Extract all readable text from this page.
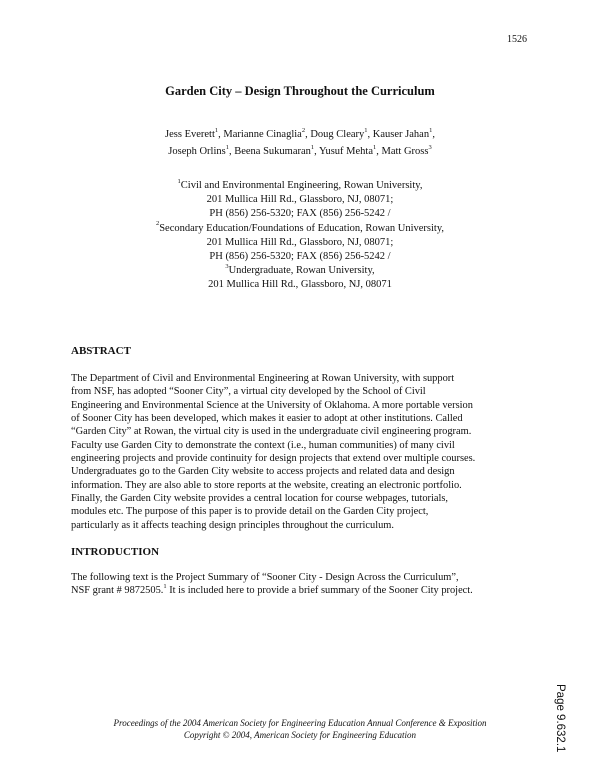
1526
Garden City – Design Throughout the Curriculum
Jess Everett$^1$, Marianne Cinaglia$^2$, Doug Cleary$^1$, Kauser Jahan$^1$,
Joseph Orlins$^1$, Beena Sukumaran$^1$, Yusuf Mehta$^1$, Matt Gross$^3$
$^1$Civil and Environmental Engineering, Rowan University,
201 Mullica Hill Rd., Glassboro, NJ, 08071;
PH (856) 256-5320; FAX (856) 256-5242 /
$^2$Secondary Education/Foundations of Education, Rowan University,
201 Mullica Hill Rd., Glassboro, NJ, 08071;
PH (856) 256-5320; FAX (856) 256-5242 /
$^3$Undergraduate, Rowan University,
201 Mullica Hill Rd., Glassboro, NJ, 08071
ABSTRACT
The Department of Civil and Environmental Engineering at Rowan University, with support
from NSF, has adopted “Sooner City”, a virtual city developed by the School of Civil
Engineering and Environmental Science at the University of Oklahoma. A more portable version
of Sooner City has been developed, which makes it easier to adopt at other institutions. Called
“Garden City” at Rowan, the virtual city is used in the undergraduate civil engineering program.
Faculty use Garden City to demonstrate the context (i.e., human communities) of many civil
engineering projects and provide continuity for design projects that extend over multiple courses.
Undergraduates go to the Garden City website to access projects and related data and design
information. They are also able to store reports at the website, creating an electronic portfolio.
Finally, the Garden City website provides a central location for course webpages, tutorials,
modules etc. The purpose of this paper is to provide detail on the Garden City project,
particularly as it affects teaching design principles throughout the curriculum.
INTRODUCTION
The following text is the Project Summary of “Sooner City - Design Across the Curriculum”,
NSF grant # 9872505.$^1$ It is included here to provide a brief summary of the Sooner City project.
Proceedings of the 2004 American Society for Engineering Education Annual Conference & Exposition
Copyright © 2004, American Society for Engineering Education	Page 9.632.1
